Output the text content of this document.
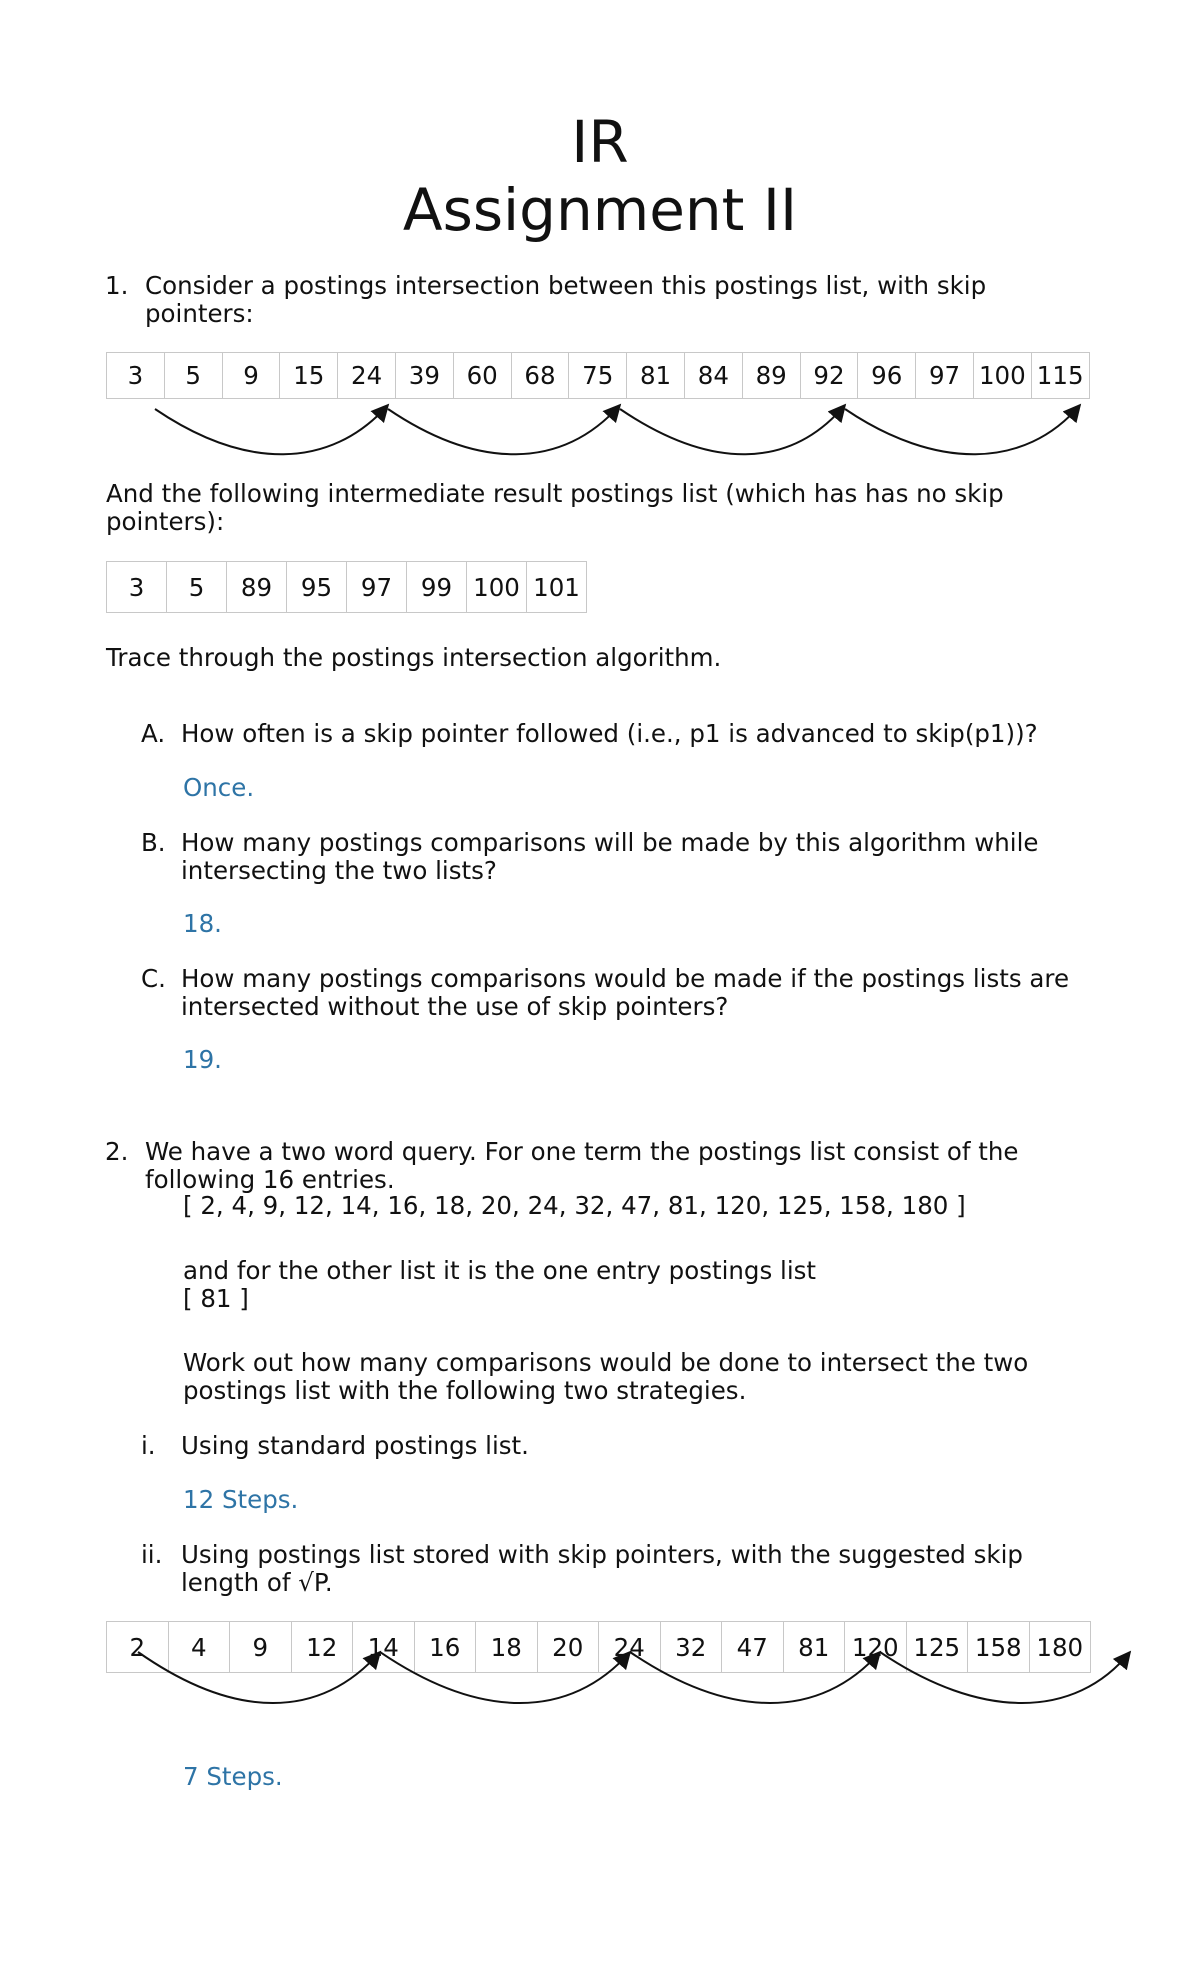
IR
Assignment II
1. Consider a postings intersection between this postings list, with skip
pointers:
3	5	9	15	24	39	60	68	75	81	84	89	92	96	97	100	115
And the following intermediate result postings list (which has has no skip
pointers):
3	5	89	95	97	99	100	101
Trace through the postings intersection algorithm.
A. How often is a skip pointer followed (i.e., p1 is advanced to skip(p1))?
Once.
B. How many postings comparisons will be made by this algorithm while
intersecting the two lists?
18.
C. How many postings comparisons would be made if the postings lists are
intersected without the use of skip pointers?
19.
2. We have a two word query. For one term the postings list consist of the
following 16 entries.
[ 2, 4, 9, 12, 14, 16, 18, 20, 24, 32, 47, 81, 120, 125, 158, 180 ]
and for the other list it is the one entry postings list
[ 81 ]
Work out how many comparisons would be done to intersect the two
postings list with the following two strategies.
i. Using standard postings list.
12 Steps.
ii. Using postings list stored with skip pointers, with the suggested skip
length of √P.
2	4	9	12	14	16	18	20	24	32	47	81	120	125	158	180
7 Steps.
